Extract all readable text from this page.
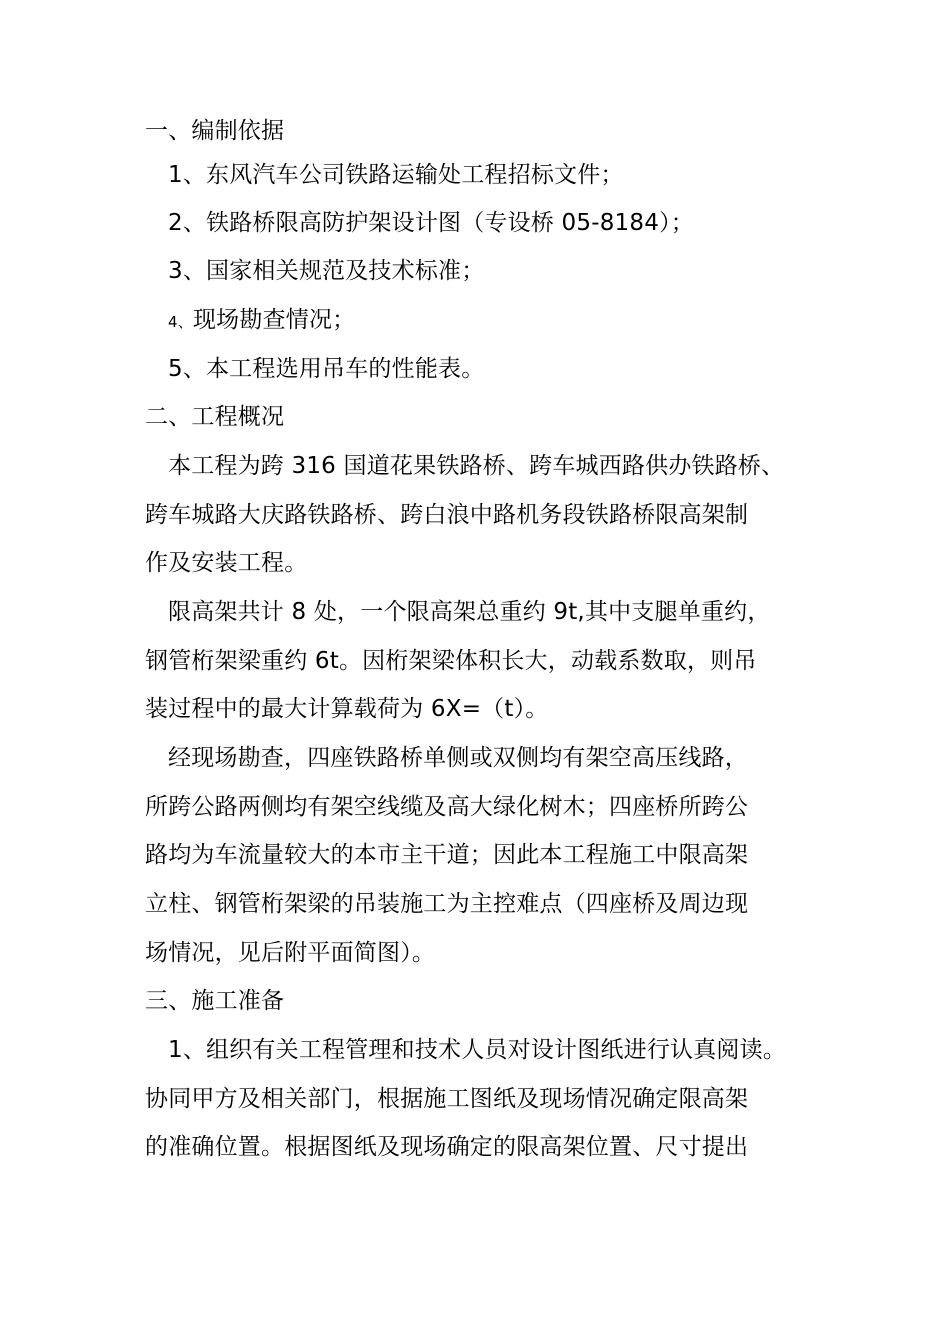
一、编制依据
1、东风汽车公司铁路运输处工程招标文件；
2、铁路桥限高防护架设计图（专设桥 05-8184）；
3、国家相关规范及技术标准；
4、现场勘查情况；
5、本工程选用吊车的性能表。
二、工程概况
本工程为跨 316 国道花果铁路桥、跨车城西路供办铁路桥、
跨车城路大庆路铁路桥、跨白浪中路机务段铁路桥限高架制
作及安装工程。
限高架共计 8 处，一个限高架总重约 9t,其中支腿单重约，
钢管桁架梁重约 6t。因桁架梁体积长大，动载系数取，则吊
装过程中的最大计算载荷为 6X=（t）。
经现场勘查，四座铁路桥单侧或双侧均有架空高压线路，
所跨公路两侧均有架空线缆及高大绿化树木；四座桥所跨公
路均为车流量较大的本市主干道；因此本工程施工中限高架
立柱、钢管桁架梁的吊装施工为主控难点（四座桥及周边现
场情况，见后附平面简图）。
三、施工准备
1、组织有关工程管理和技术人员对设计图纸进行认真阅读。
协同甲方及相关部门，根据施工图纸及现场情况确定限高架
的准确位置。根据图纸及现场确定的限高架位置、尺寸提出
